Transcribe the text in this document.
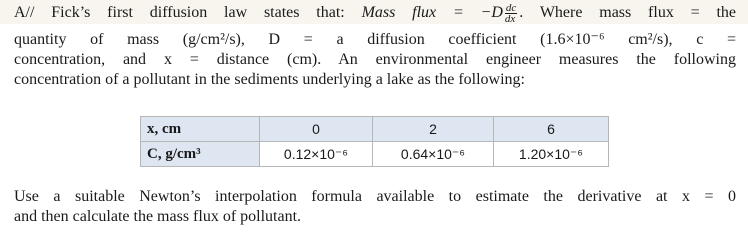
A// Fick’s first diffusion law states that: Mass flux = $-D \frac{dc}{dx}$ . Where mass flux = the
quantity of mass (g/cm²/s), D = a diffusion coefficient (1.6×10⁻⁶ cm²/s), c =
concentration, and x = distance (cm). An environmental engineer measures the following
concentration of a pollutant in the sediments underlying a lake as the following:
x, cm	0	2	6
C, g/cm³	0.12×10⁻⁶	0.64×10⁻⁶	1.20×10⁻⁶
Use a suitable Newton’s interpolation formula available to estimate the derivative at x = 0
and then calculate the mass flux of pollutant.
